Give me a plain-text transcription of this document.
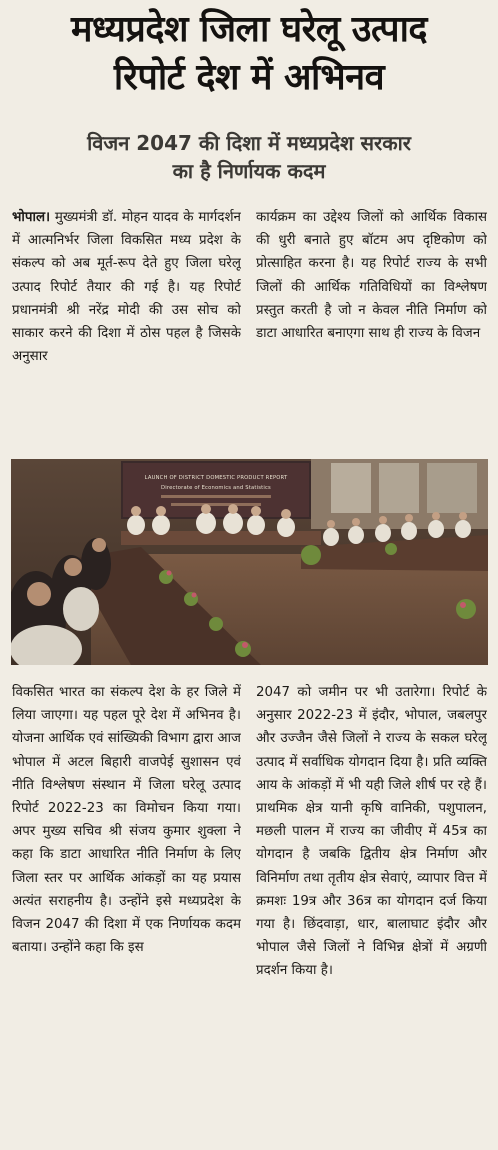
मध्यप्रदेश जिला घरेलू उत्पाद
रिपोर्ट देश में अभिनव
विजन 2047 की दिशा में मध्यप्रदेश सरकार
का है निर्णायक कदम
भोपाल। मुख्यमंत्री डॉ. मोहन यादव के मार्गदर्शन में आत्मनिर्भर जिला विकसित मध्य प्रदेश के संकल्प को अब मूर्त-रूप देते हुए जिला घरेलू उत्पाद रिपोर्ट तैयार की गई है। यह रिपोर्ट प्रधानमंत्री श्री नरेंद्र मोदी की उस सोच को साकार करने की दिशा में ठोस पहल है जिसके अनुसार
कार्यक्रम का उद्देश्य जिलों को आर्थिक विकास की धुरी बनाते हुए बॉटम अप दृष्टिकोण को प्रोत्साहित करना है। यह रिपोर्ट राज्य के सभी जिलों की आर्थिक गतिविधियों का विश्लेषण प्रस्तुत करती है जो न केवल नीति निर्माण को डाटा आधारित बनाएगा साथ ही राज्य के विजन
LAUNCH OF DISTRICT DOMESTIC PRODUCT REPORT
Directorate of Economics and Statistics
विकसित भारत का संकल्प देश के हर जिले में लिया जाएगा। यह पहल पूरे देश में अभिनव है। योजना आर्थिक एवं सांख्यिकी विभाग द्वारा आज भोपाल में अटल बिहारी वाजपेई सुशासन एवं नीति विश्लेषण संस्थान में जिला घरेलू उत्पाद रिपोर्ट 2022-23 का विमोचन किया गया। अपर मुख्य सचिव श्री संजय कुमार शुक्ला ने कहा कि डाटा आधारित नीति निर्माण के लिए जिला स्तर पर आर्थिक आंकड़ों का यह प्रयास अत्यंत सराहनीय है। उन्होंने इसे मध्यप्रदेश के विजन 2047 की दिशा में एक निर्णायक कदम बताया। उन्होंने कहा कि इस
2047 को जमीन पर भी उतारेगा। रिपोर्ट के अनुसार 2022-23 में इंदौर, भोपाल, जबलपुर और उज्जैन जैसे जिलों ने राज्य के सकल घरेलू उत्पाद में सर्वाधिक योगदान दिया है। प्रति व्यक्ति आय के आंकड़ों में भी यही जिले शीर्ष पर रहे हैं। प्राथमिक क्षेत्र यानी कृषि वानिकी, पशुपालन, मछली पालन में राज्य का जीवीए में 45त्र का योगदान है जबकि द्वितीय क्षेत्र निर्माण और विनिर्माण तथा तृतीय क्षेत्र सेवाएं, व्यापार वित्त में क्रमशः 19त्र और 36त्र का योगदान दर्ज किया गया है। छिंदवाड़ा, धार, बालाघाट इंदौर और भोपाल जैसे जिलों ने विभिन्न क्षेत्रों में अग्रणी प्रदर्शन किया है।
